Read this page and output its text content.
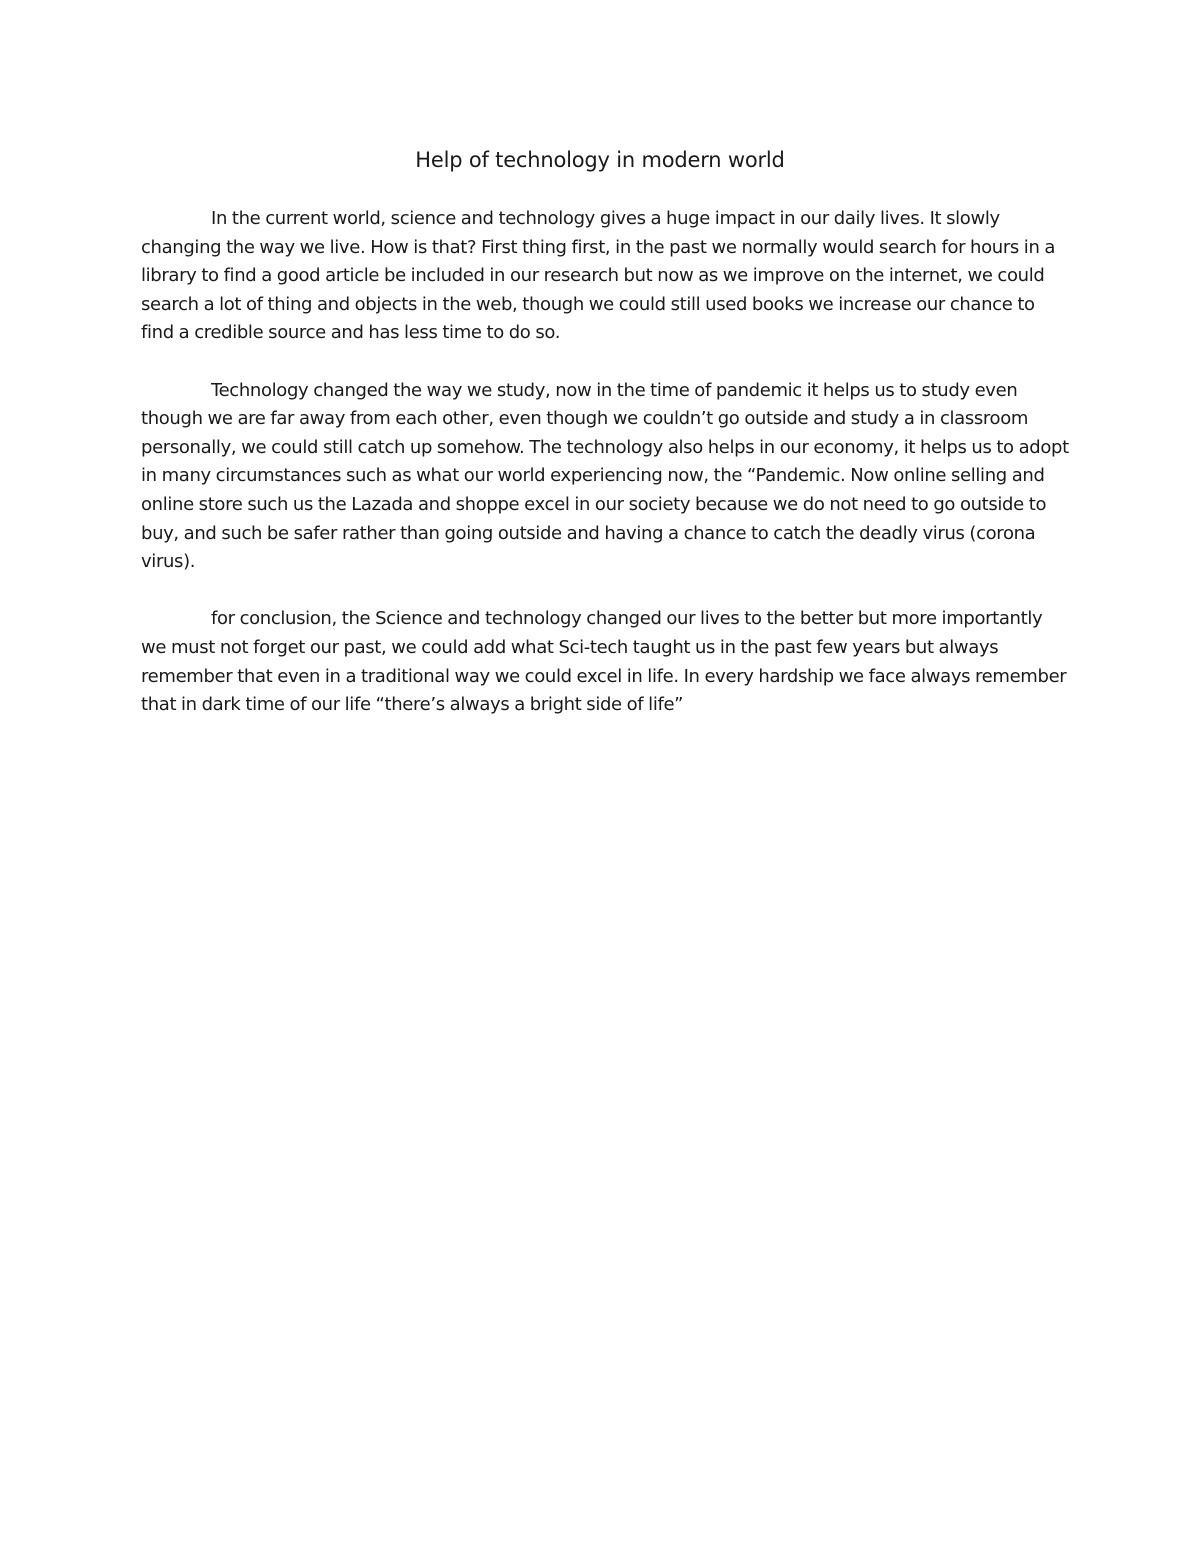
Help of technology in modern world

In the current world, science and technology gives a huge impact in our daily lives. It slowly changing the way we live. How is that? First thing first, in the past we normally would search for hours in a library to find a good article be included in our research but now as we improve on the internet, we could search a lot of thing and objects in the web, though we could still used books we increase our chance to find a credible source and has less time to do so.

Technology changed the way we study, now in the time of pandemic it helps us to study even though we are far away from each other, even though we couldn’t go outside and study a in classroom personally, we could still catch up somehow. The technology also helps in our economy, it helps us to adopt in many circumstances such as what our world experiencing now, the “Pandemic. Now online selling and online store such us the Lazada and shoppe excel in our society because we do not need to go outside to buy, and such be safer rather than going outside and having a chance to catch the deadly virus (corona virus).

for conclusion, the Science and technology changed our lives to the better but more importantly we must not forget our past, we could add what Sci-tech taught us in the past few years but always remember that even in a traditional way we could excel in life. In every hardship we face always remember that in dark time of our life “there’s always a bright side of life”
